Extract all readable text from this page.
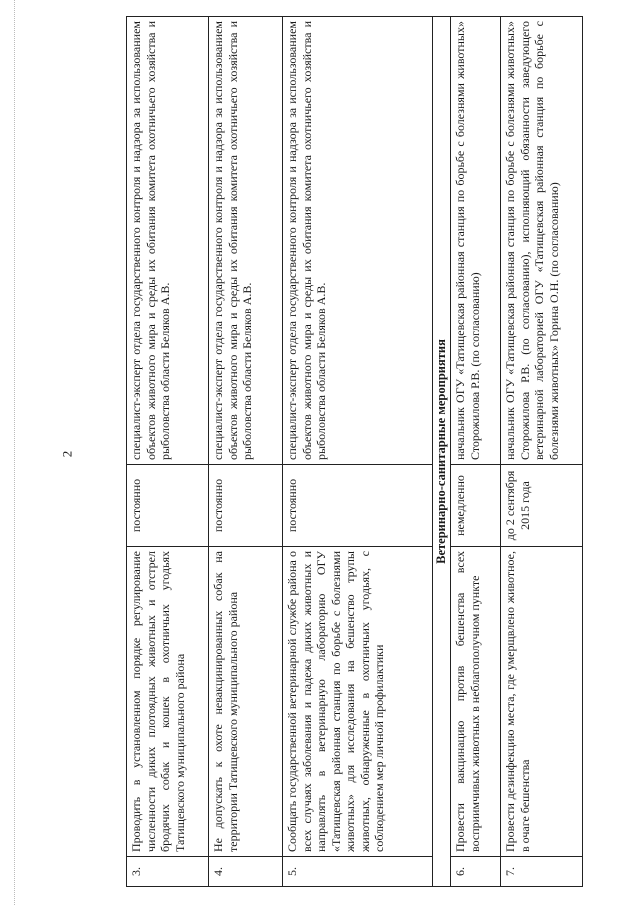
2
3.	Проводить в установленном порядке регулирование численности диких плотоядных животных и отстрел бродячих собак и кошек в охотничьих угодьях Татищевского муниципального района	постоянно	специалист-эксперт отдела государственного контроля и надзора за использованием объектов животного мира и среды их обитания комитета охотничьего хозяйства и рыболовства области Беляков А.В.
4.	Не допускать к охоте невакцинированных собак на территории Татищевского муниципального района	постоянно	специалист-эксперт отдела государственного контроля и надзора за использованием объектов животного мира и среды их обитания комитета охотничьего хозяйства и рыболовства области Беляков А.В.
5.	Сообщать государственной ветеринарной службе района о всех случаях заболевания и падежа диких животных и направлять в ветеринарную лабораторию ОГУ «Татищевская районная станция по борьбе с болезнями животных» для исследования на бешенство трупы животных, обнаруженные в охотничьих угодьях, с соблюдением мер личной профилактики	постоянно	специалист-эксперт отдела государственного контроля и надзора за использованием объектов животного мира и среды их обитания комитета охотничьего хозяйства и рыболовства области Беляков А.В.
Ветеринарно-санитарные мероприятия			
6.	Провести вакцинацию против бешенства всех восприимчивых животных в неблагополучном пункте	немедленно	начальник ОГУ «Татищевская районная станция по борьбе с болезнями животных» Сторожилова Р.В. (по согласованию)
7.	Провести дезинфекцию места, где умерщвлено животное, в очаге бешенства	до 2 сентября 2015 года	начальник ОГУ «Татищевская районная станция по борьбе с болезнями животных» Сторожилова Р.В. (по согласованию), исполняющий обязанности заведующего ветеринарной лабораторией ОГУ «Татищевская районная станция по борьбе с болезнями животных» Горина О.Н. (по согласованию)
